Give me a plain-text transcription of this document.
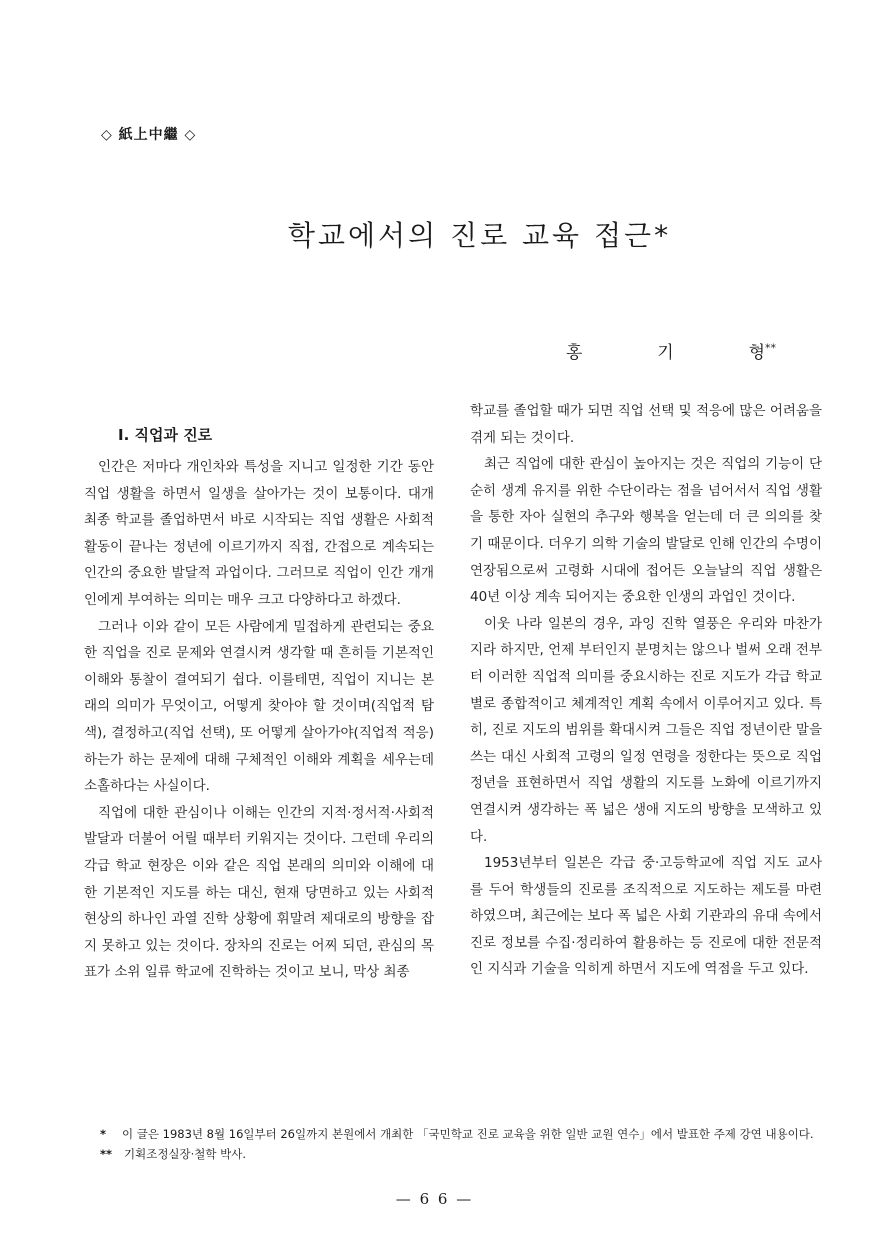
◇ 紙上中繼 ◇
학교에서의 진로 교육 접근*
홍	기	형**
Ⅰ. 직업과 진로

인간은 저마다 개인차와 특성을 지니고 일정한 기간 동안 직업 생활을 하면서 일생을 살아가는 것이 보통이다. 대개 최종 학교를 졸업하면서 바로 시작되는 직업 생활은 사회적 활동이 끝나는 정년에 이르기까지 직접, 간접으로 계속되는 인간의 중요한 발달적 과업이다. 그러므로 직업이 인간 개개인에게 부여하는 의미는 매우 크고 다양하다고 하겠다.

그러나 이와 같이 모든 사람에게 밀접하게 관련되는 중요한 직업을 진로 문제와 연결시켜 생각할 때 흔히들 기본적인 이해와 통찰이 결여되기 쉽다. 이를테면, 직업이 지니는 본래의 의미가 무엇이고, 어떻게 찾아야 할 것이며(직업적 탐색), 결정하고(직업 선택), 또 어떻게 살아가야(직업적 적응) 하는가 하는 문제에 대해 구체적인 이해와 계획을 세우는데 소홀하다는 사실이다.

직업에 대한 관심이나 이해는 인간의 지적·정서적·사회적 발달과 더불어 어릴 때부터 키워지는 것이다. 그런데 우리의 각급 학교 현장은 이와 같은 직업 본래의 의미와 이해에 대한 기본적인 지도를 하는 대신, 현재 당면하고 있는 사회적 현상의 하나인 과열 진학 상황에 휘말려 제대로의 방향을 잡지 못하고 있는 것이다. 장차의 진로는 어찌 되던, 관심의 목표가 소위 일류 학교에 진학하는 것이고 보니, 막상 최종

학교를 졸업할 때가 되면 직업 선택 및 적응에 많은 어려움을 겪게 되는 것이다.

최근 직업에 대한 관심이 높아지는 것은 직업의 기능이 단순히 생계 유지를 위한 수단이라는 점을 넘어서서 직업 생활을 통한 자아 실현의 추구와 행복을 얻는데 더 큰 의의를 찾기 때문이다. 더우기 의학 기술의 발달로 인해 인간의 수명이 연장됨으로써 고령화 시대에 접어든 오늘날의 직업 생활은 40년 이상 계속 되어지는 중요한 인생의 과업인 것이다.

이웃 나라 일본의 경우, 과잉 진학 열풍은 우리와 마찬가지라 하지만, 언제 부터인지 분명치는 않으나 벌써 오래 전부터 이러한 직업적 의미를 중요시하는 진로 지도가 각급 학교별로 종합적이고 체계적인 계획 속에서 이루어지고 있다. 특히, 진로 지도의 범위를 확대시켜 그들은 직업 정년이란 말을 쓰는 대신 사회적 고령의 일정 연령을 정한다는 뜻으로 직업 정년을 표현하면서 직업 생활의 지도를 노화에 이르기까지 연결시켜 생각하는 폭 넓은 생애 지도의 방향을 모색하고 있다.

1953년부터 일본은 각급 중·고등학교에 직업 지도 교사를 두어 학생들의 진로를 조직적으로 지도하는 제도를 마련하였으며, 최근에는 보다 폭 넓은 사회 기관과의 유대 속에서 진로 정보를 수집·정리하여 활용하는 등 진로에 대한 전문적인 지식과 기술을 익히게 하면서 지도에 역점을 두고 있다.

*	이 글은 1983년 8월 16일부터 26일까지 본원에서 개최한 「국민학교 진로 교육을 위한 일반 교원 연수」에서 발표한 주제 강연 내용이다.
**	기획조정실장·철학 박사.
— 6 6 —
